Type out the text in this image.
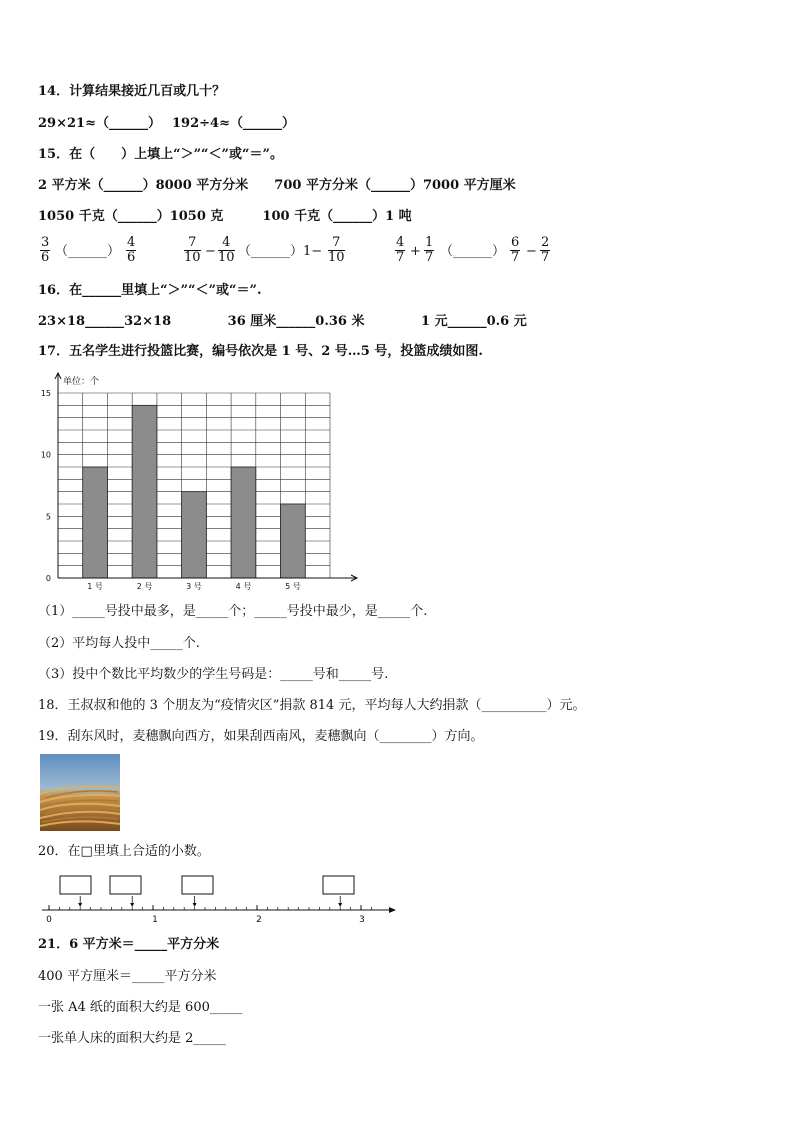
14．计算结果接近几百或几十？
29×21≈（______）　 192÷4≈（______）
15．在（　　）上填上“＞”“＜”或“＝”。
2 平方米（______）8000 平方分米　　700 平方分米（______）7000 平方厘米
1050 千克（______）1050 克　　　100 千克（______）1 吨
$\frac{3}{6}$ （______） $\frac{4}{6}$	$\frac{7}{10} - \frac{4}{10}$ （______）1− $\frac{7}{10}$	$\frac{4}{7} + \frac{1}{7}$ （______） $\frac{6}{7} - \frac{2}{7}$
16．在______里填上“＞”“＜”或“＝”.
23×18______32×18　　　　 36 厘米______0.36 米　　　　 1 元______0.6 元
17．五名学生进行投篮比赛，编号依次是 1 号、2 号…5 号，投篮成绩如图.
1 号	2 号	3 号	4 号	5 号
0
5
10
15
单位：个
（1）_____号投中最多，是_____个；_____号投中最少，是_____个.
（2）平均每人投中_____个.
（3）投中个数比平均数少的学生号码是：_____号和_____号.
18．王叔叔和他的 3 个朋友为“疫情灾区”捐款 814 元，平均每人大约捐款（__________）元。
19．刮东风时，麦穗飘向西方，如果刮西南风，麦穗飘向（________）方向。
20．在□里填上合适的小数。
0	1	2	3
21．6 平方米＝_____平方分米
400 平方厘米＝_____平方分米
一张 A4 纸的面积大约是 600_____
一张单人床的面积大约是 2_____
